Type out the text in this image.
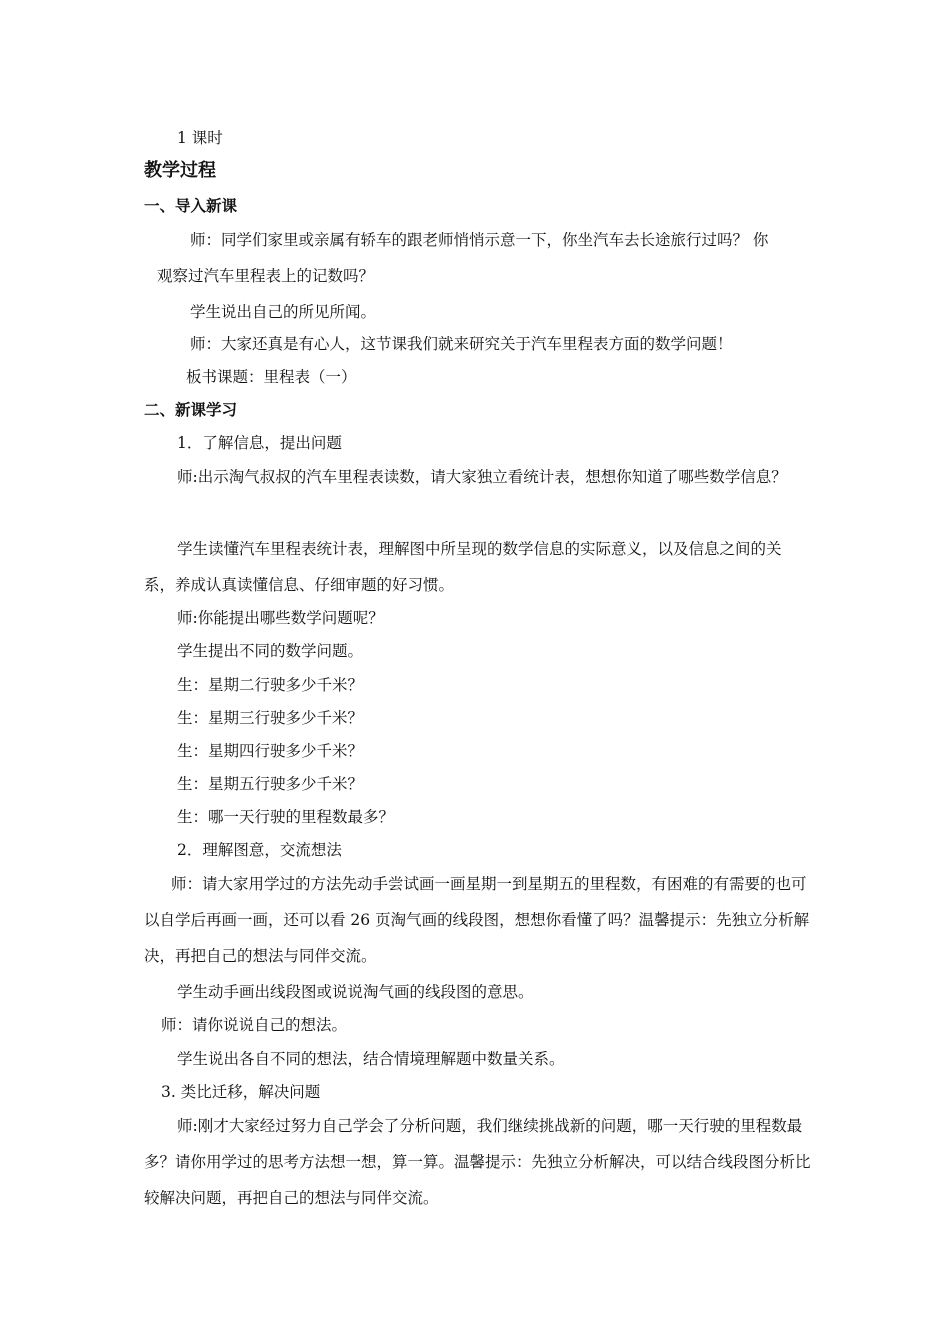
1 课时

教学过程

一、导入新课

师：同学们家里或亲属有轿车的跟老师悄悄示意一下，你坐汽车去长途旅行过吗？ 你

观察过汽车里程表上的记数吗？

学生说出自己的所见所闻。

师：大家还真是有心人，这节课我们就来研究关于汽车里程表方面的数学问题！

板书课题：里程表（一）

二、新课学习

1．了解信息，提出问题

师:出示淘气叔叔的汽车里程表读数，请大家独立看统计表，想想你知道了哪些数学信息？

学生读懂汽车里程表统计表，理解图中所呈现的数学信息的实际意义，以及信息之间的关系，养成认真读懂信息、仔细审题的好习惯。

师:你能提出哪些数学问题呢？

学生提出不同的数学问题。

生：星期二行驶多少千米？

生：星期三行驶多少千米？

生：星期四行驶多少千米？

生：星期五行驶多少千米？

生：哪一天行驶的里程数最多？

2．理解图意，交流想法

师：请大家用学过的方法先动手尝试画一画星期一到星期五的里程数，有困难的有需要的也可以自学后再画一画，还可以看 26 页淘气画的线段图，想想你看懂了吗？温馨提示：先独立分析解决，再把自己的想法与同伴交流。

学生动手画出线段图或说说淘气画的线段图的意思。

师：请你说说自己的想法。

学生说出各自不同的想法，结合情境理解题中数量关系。

3. 类比迁移，解决问题

师:刚才大家经过努力自己学会了分析问题，我们继续挑战新的问题，哪一天行驶的里程数最多？请你用学过的思考方法想一想，算一算。温馨提示：先独立分析解决，可以结合线段图分析比较解决问题，再把自己的想法与同伴交流。
